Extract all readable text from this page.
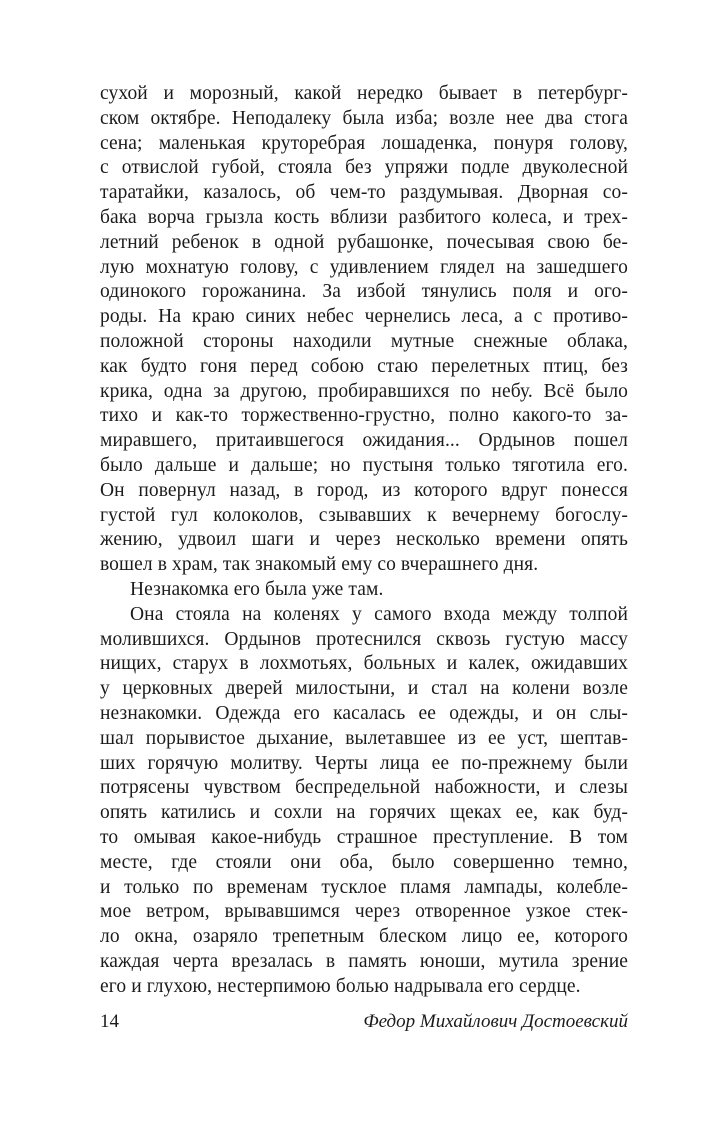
сухой и морозный, какой нередко бывает в петербург-
ском октябре. Неподалеку была изба; возле нее два стога
сена; маленькая круторебрая лошаденка, понуря голову,
с отвислой губой, стояла без упряжи подле двуколесной
таратайки, казалось, об чем-то раздумывая. Дворная со-
бака ворча грызла кость вблизи разбитого колеса, и трех-
летний ребенок в одной рубашонке, почесывая свою бе-
лую мохнатую голову, с удивлением глядел на зашедшего
одинокого горожанина. За избой тянулись поля и ого-
роды. На краю синих небес чернелись леса, а с противо-
положной стороны находили мутные снежные облака,
как будто гоня перед собою стаю перелетных птиц, без
крика, одна за другою, пробиравшихся по небу. Всё было
тихо и как-то торжественно-грустно, полно какого-то за-
миравшего, притаившегося ожидания... Ордынов пошел
было дальше и дальше; но пустыня только тяготила его.
Он повернул назад, в город, из которого вдруг понесся
густой гул колоколов, сзывавших к вечернему богослу-
жению, удвоил шаги и через несколько времени опять
вошел в храм, так знакомый ему со вчерашнего дня.
Незнакомка его была уже там.
Она стояла на коленях у самого входа между толпой
молившихся. Ордынов протеснился сквозь густую массу
нищих, старух в лохмотьях, больных и калек, ожидавших
у церковных дверей милостыни, и стал на колени возле
незнакомки. Одежда его касалась ее одежды, и он слы-
шал порывистое дыхание, вылетавшее из ее уст, шептав-
ших горячую молитву. Черты лица ее по-прежнему были
потрясены чувством беспредельной набожности, и слезы
опять катились и сохли на горячих щеках ее, как буд-
то омывая какое-нибудь страшное преступление. В том
месте, где стояли они оба, было совершенно темно,
и только по временам тусклое пламя лампады, колебле-
мое ветром, врывавшимся через отворенное узкое стек-
ло окна, озаряло трепетным блеском лицо ее, которого
каждая черта врезалась в память юноши, мутила зрение
его и глухою, нестерпимою болью надрывала его сердце.
14	Федор Михайлович Достоевский
